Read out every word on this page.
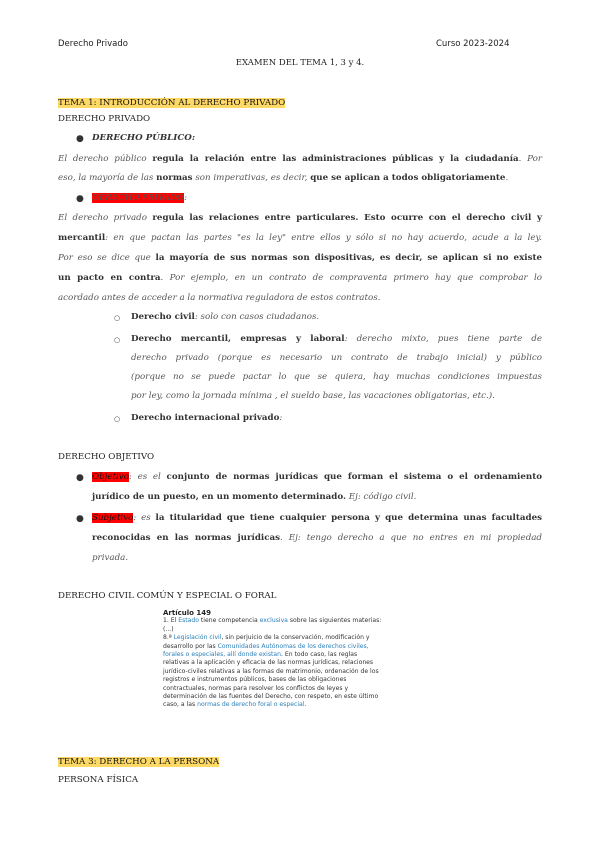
Derecho Privado	Curso 2023-2024
EXAMEN DEL TEMA 1, 3 y 4.
TEMA 1: INTRODUCCIÓN AL DERECHO PRIVADO
DERECHO PRIVADO
● DERECHO PÚBLICO:
El derecho público regula la relación entre las administraciones públicas y la ciudadanía. Por
eso, la mayoría de las normas son imperativas, es decir, que se aplican a todos obligatoriamente.
● DERECHO PRIVADO:
El derecho privado regula las relaciones entre particulares. Esto ocurre con el derecho civil y
mercantil: en que pactan las partes "es la ley" entre ellos y sólo si no hay acuerdo, acude a la ley.
Por eso se dice que la mayoría de sus normas son dispositivas, es decir, se aplican si no existe
un pacto en contra. Por ejemplo, en un contrato de compraventa primero hay que comprobar lo
acordado antes de acceder a la normativa reguladora de estos contratos.
○ Derecho civil: solo con casos ciudadanos.
○ Derecho mercantil, empresas y laboral: derecho mixto, pues tiene parte de
derecho privado (porque es necesario un contrato de trabajo inicial) y público
(porque no se puede pactar lo que se quiera, hay muchas condiciones impuestas
por ley, como la jornada mínima , el sueldo base, las vacaciones obligatorias, etc.).
○ Derecho internacional privado:
DERECHO OBJETIVO
● Objetivo: es el conjunto de normas jurídicas que forman el sistema o el ordenamiento
jurídico de un puesto, en un momento determinado. Ej: código civil.
● Subjetivo: es la titularidad que tiene cualquier persona y que determina unas facultades
reconocidas en las normas jurídicas. Ej: tengo derecho a que no entres en mi propiedad
privada.
DERECHO CIVIL COMÚN Y ESPECIAL O FORAL
Artículo 149
1. El Estado tiene competencia exclusiva sobre las siguientes materias:
(...)
8.ª Legislación civil, sin perjuicio de la conservación, modificación y
desarrollo por las Comunidades Autónomas de los derechos civiles,
forales o especiales, allí donde existan. En todo caso, las reglas
relativas a la aplicación y eficacia de las normas jurídicas, relaciones
jurídico-civiles relativas a las formas de matrimonio, ordenación de los
registros e instrumentos públicos, bases de las obligaciones
contractuales, normas para resolver los conflictos de leyes y
determinación de las fuentes del Derecho, con respeto, en este último
caso, a las normas de derecho foral o especial.
TEMA 3: DERECHO A LA PERSONA
PERSONA FÍSICA
